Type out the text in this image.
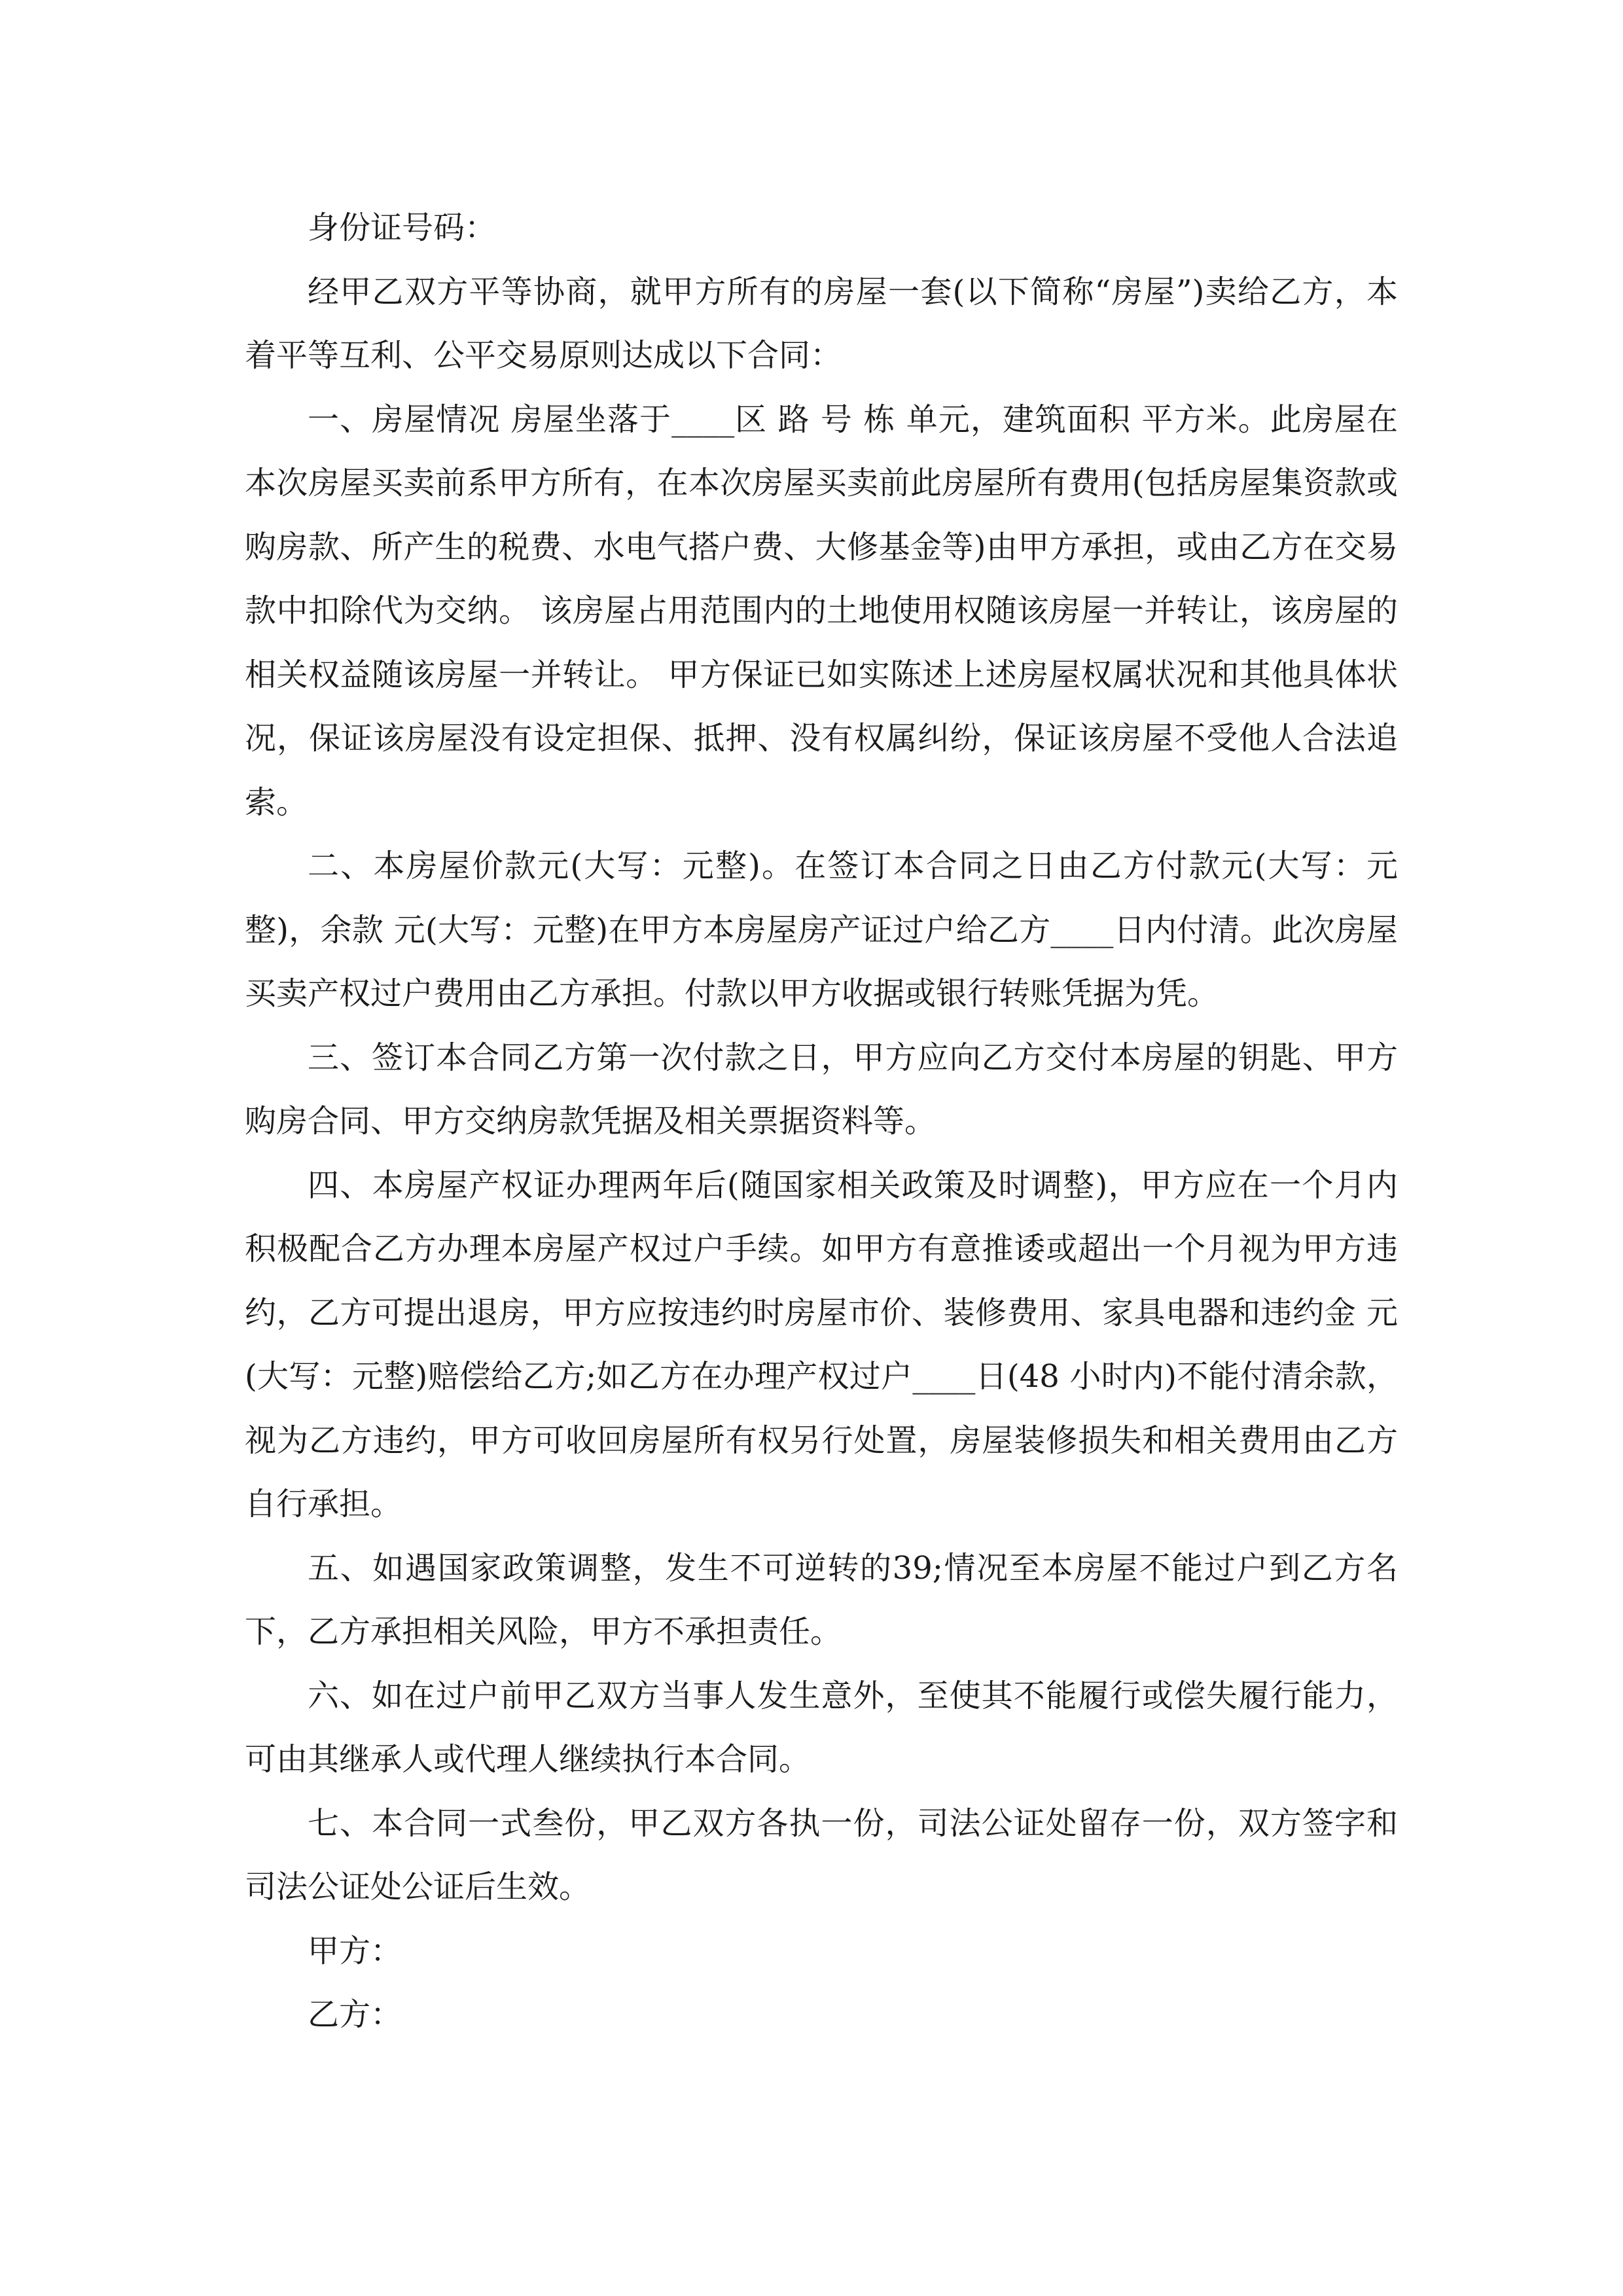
身份证号码：

经甲乙双方平等协商，就甲方所有的房屋一套(以下简称“房屋”)卖给乙方，本着平等互利、公平交易原则达成以下合同：

一、房屋情况 房屋坐落于____区 路 号 栋 单元，建筑面积 平方米。此房屋在本次房屋买卖前系甲方所有，在本次房屋买卖前此房屋所有费用(包括房屋集资款或购房款、所产生的税费、水电气搭户费、大修基金等)由甲方承担，或由乙方在交易款中扣除代为交纳。 该房屋占用范围内的土地使用权随该房屋一并转让，该房屋的相关权益随该房屋一并转让。 甲方保证已如实陈述上述房屋权属状况和其他具体状况，保证该房屋没有设定担保、抵押、没有权属纠纷，保证该房屋不受他人合法追索。

二、本房屋价款元(大写：元整)。在签订本合同之日由乙方付款元(大写：元整)，余款 元(大写：元整)在甲方本房屋房产证过户给乙方____日内付清。此次房屋买卖产权过户费用由乙方承担。付款以甲方收据或银行转账凭据为凭。

三、签订本合同乙方第一次付款之日，甲方应向乙方交付本房屋的钥匙、甲方购房合同、甲方交纳房款凭据及相关票据资料等。

四、本房屋产权证办理两年后(随国家相关政策及时调整)，甲方应在一个月内积极配合乙方办理本房屋产权过户手续。如甲方有意推诿或超出一个月视为甲方违约，乙方可提出退房，甲方应按违约时房屋市价、装修费用、家具电器和违约金 元(大写：元整)赔偿给乙方;如乙方在办理产权过户____日(48 小时内)不能付清余款，视为乙方违约，甲方可收回房屋所有权另行处置，房屋装修损失和相关费用由乙方自行承担。

五、如遇国家政策调整，发生不可逆转的39;情况至本房屋不能过户到乙方名下，乙方承担相关风险，甲方不承担责任。

六、如在过户前甲乙双方当事人发生意外，至使其不能履行或偿失履行能力，可由其继承人或代理人继续执行本合同。

七、本合同一式叁份，甲乙双方各执一份，司法公证处留存一份，双方签字和司法公证处公证后生效。

甲方：

乙方：
